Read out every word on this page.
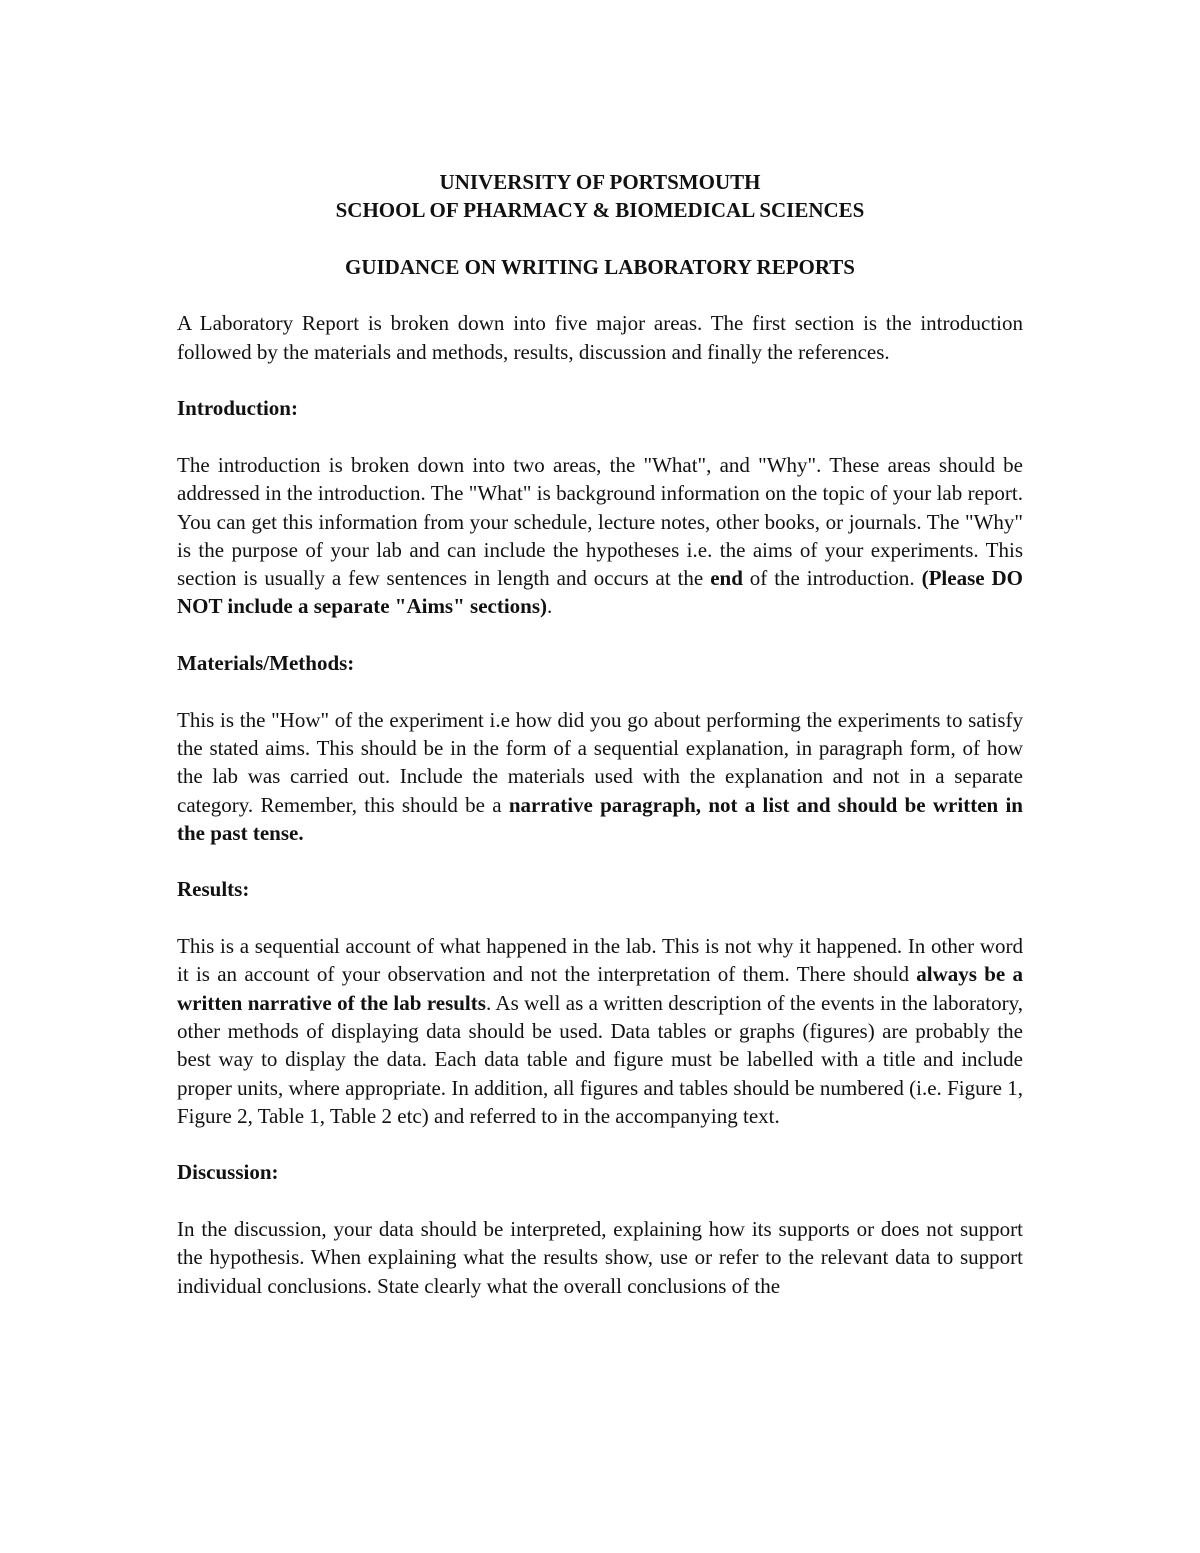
UNIVERSITY OF PORTSMOUTH

SCHOOL OF PHARMACY & BIOMEDICAL SCIENCES

GUIDANCE ON WRITING LABORATORY REPORTS

A Laboratory Report is broken down into five major areas. The first section is the introduction followed by the materials and methods, results, discussion and finally the references.

Introduction:

The introduction is broken down into two areas, the "What", and "Why". These areas should be addressed in the introduction. The "What" is background information on the topic of your lab report. You can get this information from your schedule, lecture notes, other books, or journals. The "Why" is the purpose of your lab and can include the hypotheses i.e. the aims of your experiments. This section is usually a few sentences in length and occurs at the end of the introduction. (Please DO NOT include a separate "Aims" sections).

Materials/Methods:

This is the "How" of the experiment i.e how did you go about performing the experiments to satisfy the stated aims. This should be in the form of a sequential explanation, in paragraph form, of how the lab was carried out. Include the materials used with the explanation and not in a separate category. Remember, this should be a narrative paragraph, not a list and should be written in the past tense.

Results:

This is a sequential account of what happened in the lab. This is not why it happened. In other word it is an account of your observation and not the interpretation of them. There should always be a written narrative of the lab results. As well as a written description of the events in the laboratory, other methods of displaying data should be used. Data tables or graphs (figures) are probably the best way to display the data. Each data table and figure must be labelled with a title and include proper units, where appropriate. In addition, all figures and tables should be numbered (i.e. Figure 1, Figure 2, Table 1, Table 2 etc) and referred to in the accompanying text.

Discussion:

In the discussion, your data should be interpreted, explaining how its supports or does not support the hypothesis. When explaining what the results show, use or refer to the relevant data to support individual conclusions. State clearly what the overall conclusions of the
